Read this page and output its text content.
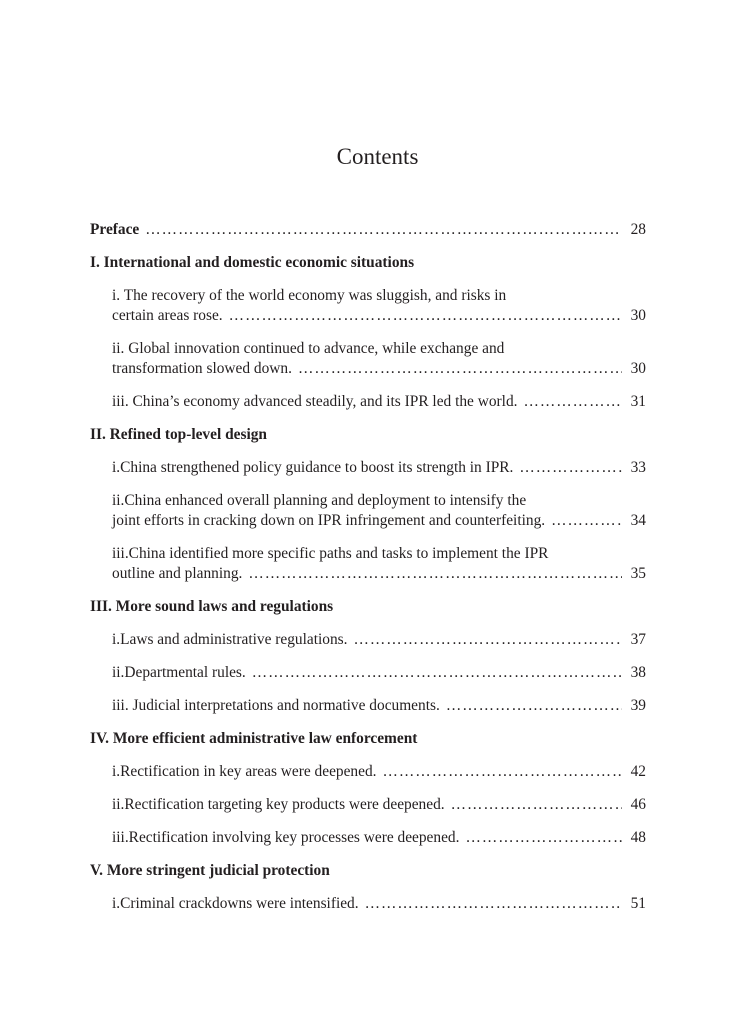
Contents
Preface …………………………………………………………………………………………………………………………………………………………………………	28
I. International and domestic economic situations
i. The recovery of the world economy was sluggish, and risks in
certain areas rose. …………………………………………………………………………………………………………………………………………………………………………	30
ii. Global innovation continued to advance, while exchange and
transformation slowed down. …………………………………………………………………………………………………………………………………………………………………………	30
iii. China’s economy advanced steadily, and its IPR led the world. …………………………………………………………………………………………………………………………………………………………………………	31
II. Refined top-level design
i.China strengthened policy guidance to boost its strength in IPR. …………………………………………………………………………………………………………………………………………………………………………	33
ii.China enhanced overall planning and deployment to intensify the
joint efforts in cracking down on IPR infringement and counterfeiting. …………………………………………………………………………………………………………………………………………………………………………	34
iii.China identified more specific paths and tasks to implement the IPR
outline and planning. …………………………………………………………………………………………………………………………………………………………………………	35
III. More sound laws and regulations
i.Laws and administrative regulations. …………………………………………………………………………………………………………………………………………………………………………	37
ii.Departmental rules. …………………………………………………………………………………………………………………………………………………………………………	38
iii. Judicial interpretations and normative documents. …………………………………………………………………………………………………………………………………………………………………………	39
IV. More efficient administrative law enforcement
i.Rectification in key areas were deepened. …………………………………………………………………………………………………………………………………………………………………………	42
ii.Rectification targeting key products were deepened. …………………………………………………………………………………………………………………………………………………………………………	46
iii.Rectification involving key processes were deepened. …………………………………………………………………………………………………………………………………………………………………………	48
V. More stringent judicial protection
i.Criminal crackdowns were intensified. …………………………………………………………………………………………………………………………………………………………………………	51
